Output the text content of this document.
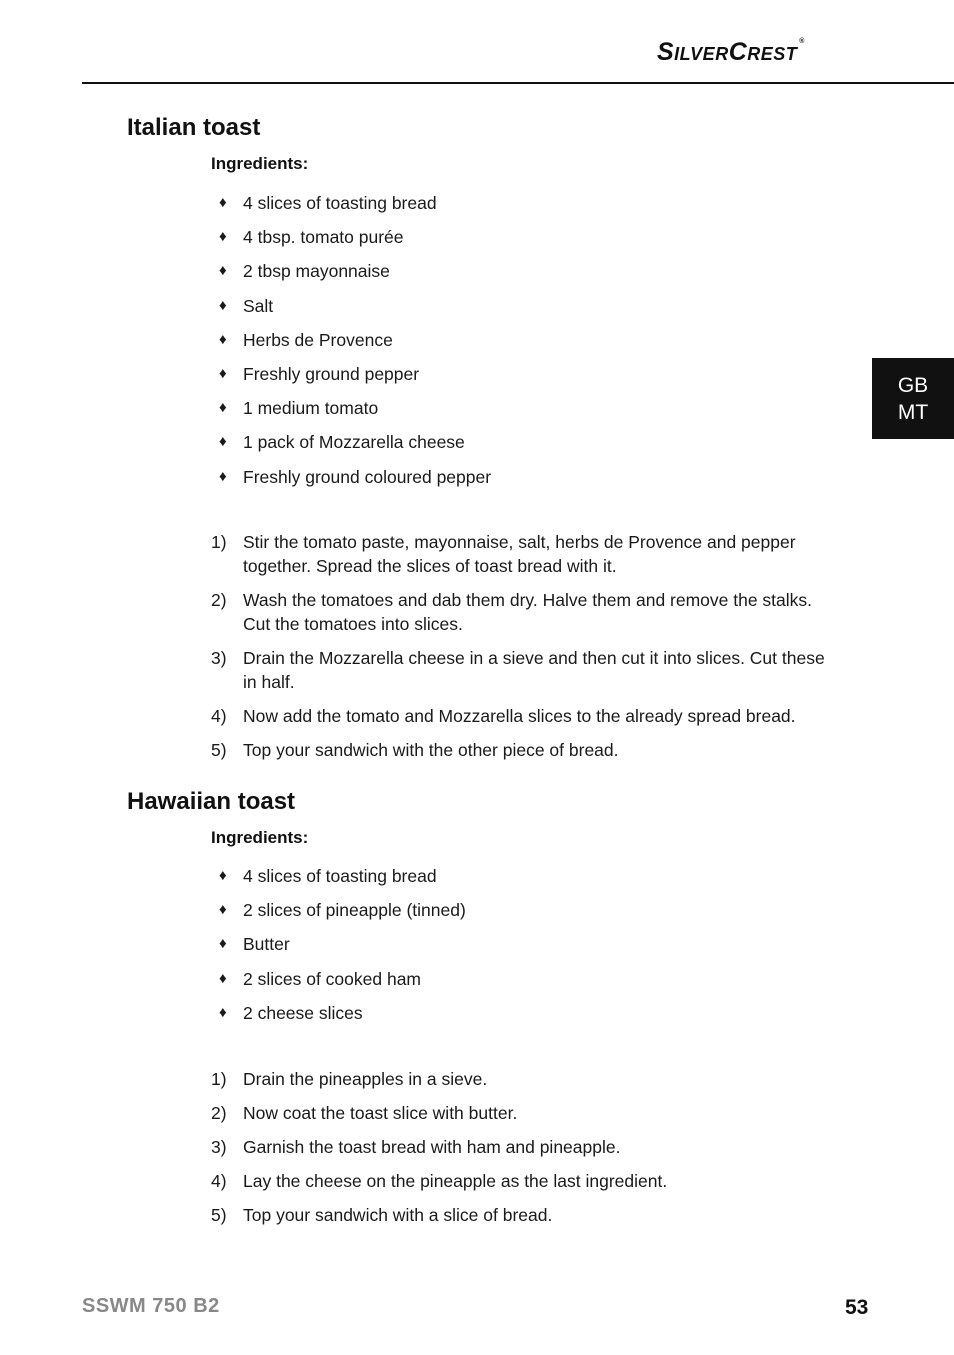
SilverCrest ®
GB
MT
Italian toast
Ingredients:
♦ 4 slices of toasting bread
♦ 4 tbsp. tomato purée
♦ 2 tbsp mayonnaise
♦ Salt
♦ Herbs de Provence
♦ Freshly ground pepper
♦ 1 medium tomato
♦ 1 pack of Mozzarella cheese
♦ Freshly ground coloured pepper
1) Stir the tomato paste, mayonnaise, salt, herbs de Provence and pepper together. Spread the slices of toast bread with it.
2) Wash the tomatoes and dab them dry. Halve them and remove the stalks. Cut the tomatoes into slices.
3) Drain the Mozzarella cheese in a sieve and then cut it into slices. Cut these in half.
4) Now add the tomato and Mozzarella slices to the already spread bread.
5) Top your sandwich with the other piece of bread.
Hawaiian toast
Ingredients:
♦ 4 slices of toasting bread
♦ 2 slices of pineapple (tinned)
♦ Butter
♦ 2 slices of cooked ham
♦ 2 cheese slices
1) Drain the pineapples in a sieve.
2) Now coat the toast slice with butter.
3) Garnish the toast bread with ham and pineapple.
4) Lay the cheese on the pineapple as the last ingredient.
5) Top your sandwich with a slice of bread.
SSWM 750 B2	53
